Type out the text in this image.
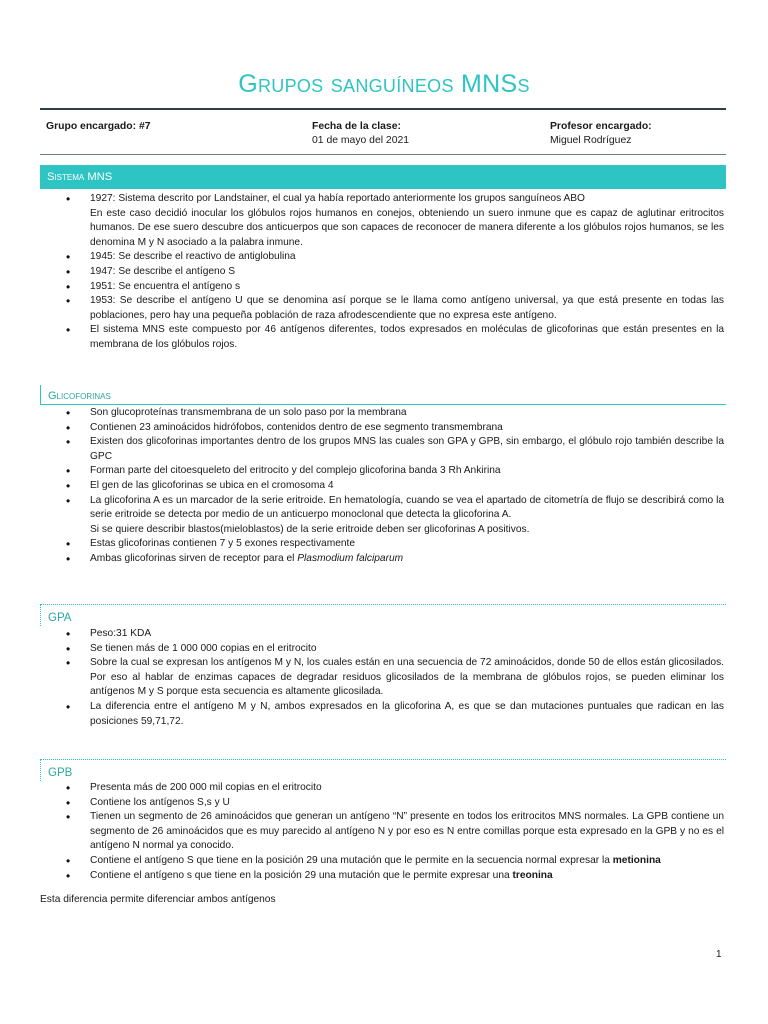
Grupos sanguíneos MNSs
Grupo encargado: #7	Fecha de la clase:
01 de mayo del 2021
Profesor encargado:
Miguel Rodríguez
Sistema MNS
• 1927: Sistema descrito por Landstainer, el cual ya había reportado anteriormente los grupos sanguíneos ABO
En este caso decidió inocular los glóbulos rojos humanos en conejos, obteniendo un suero inmune que es capaz de aglutinar eritrocitos humanos. De ese suero descubre dos anticuerpos que son capaces de reconocer de manera diferente a los glóbulos rojos humanos, se les denomina M y N asociado a la palabra inmune.
• 1945: Se describe el reactivo de antiglobulina
• 1947: Se describe el antígeno S
• 1951: Se encuentra el antígeno s
• 1953: Se describe el antígeno U que se denomina así porque se le llama como antígeno universal, ya que está presente en todas las poblaciones, pero hay una pequeña población de raza afrodescendiente que no expresa este antígeno.
• El sistema MNS este compuesto por 46 antígenos diferentes, todos expresados en moléculas de glicoforinas que están presentes en la membrana de los glóbulos rojos.
Glicoforinas
• Son glucoproteínas transmembrana de un solo paso por la membrana
• Contienen 23 aminoácidos hidrófobos, contenidos dentro de ese segmento transmembrana
• Existen dos glicoforinas importantes dentro de los grupos MNS las cuales son GPA y GPB, sin embargo, el glóbulo rojo también describe la GPC
• Forman parte del citoesqueleto del eritrocito y del complejo glicoforina banda 3 Rh Ankirina
• El gen de las glicoforinas se ubica en el cromosoma 4
• La glicoforina A es un marcador de la serie eritroide. En hematología, cuando se vea el apartado de citometría de flujo se describirá como la serie eritroide se detecta por medio de un anticuerpo monoclonal que detecta la glicoforina A.
Si se quiere describir blastos(mieloblastos) de la serie eritroide deben ser glicoforinas A positivos.
• Estas glicoforinas contienen 7 y 5 exones respectivamente
• Ambas glicoforinas sirven de receptor para el Plasmodium falciparum
GPA
• Peso:31 KDA
• Se tienen más de 1 000 000 copias en el eritrocito
• Sobre la cual se expresan los antígenos M y N, los cuales están en una secuencia de 72 aminoácidos, donde 50 de ellos están glicosilados. Por eso al hablar de enzimas capaces de degradar residuos glicosilados de la membrana de glóbulos rojos, se pueden eliminar los antígenos M y S porque esta secuencia es altamente glicosilada.
• La diferencia entre el antígeno M y N, ambos expresados en la glicoforina A, es que se dan mutaciones puntuales que radican en las posiciones 59,71,72.
GPB
• Presenta más de 200 000 mil copias en el eritrocito
• Contiene los antígenos S,s y U
• Tienen un segmento de 26 aminoácidos que generan un antígeno “N” presente en todos los eritrocitos MNS normales. La GPB contiene un segmento de 26 aminoácidos que es muy parecido al antígeno N y por eso es N entre comillas porque esta expresado en la GPB y no es el antígeno N normal ya conocido.
• Contiene el antígeno S que tiene en la posición 29 una mutación que le permite en la secuencia normal expresar la metionina
• Contiene el antígeno s que tiene en la posición 29 una mutación que le permite expresar una treonina
Esta diferencia permite diferenciar ambos antígenos
1
